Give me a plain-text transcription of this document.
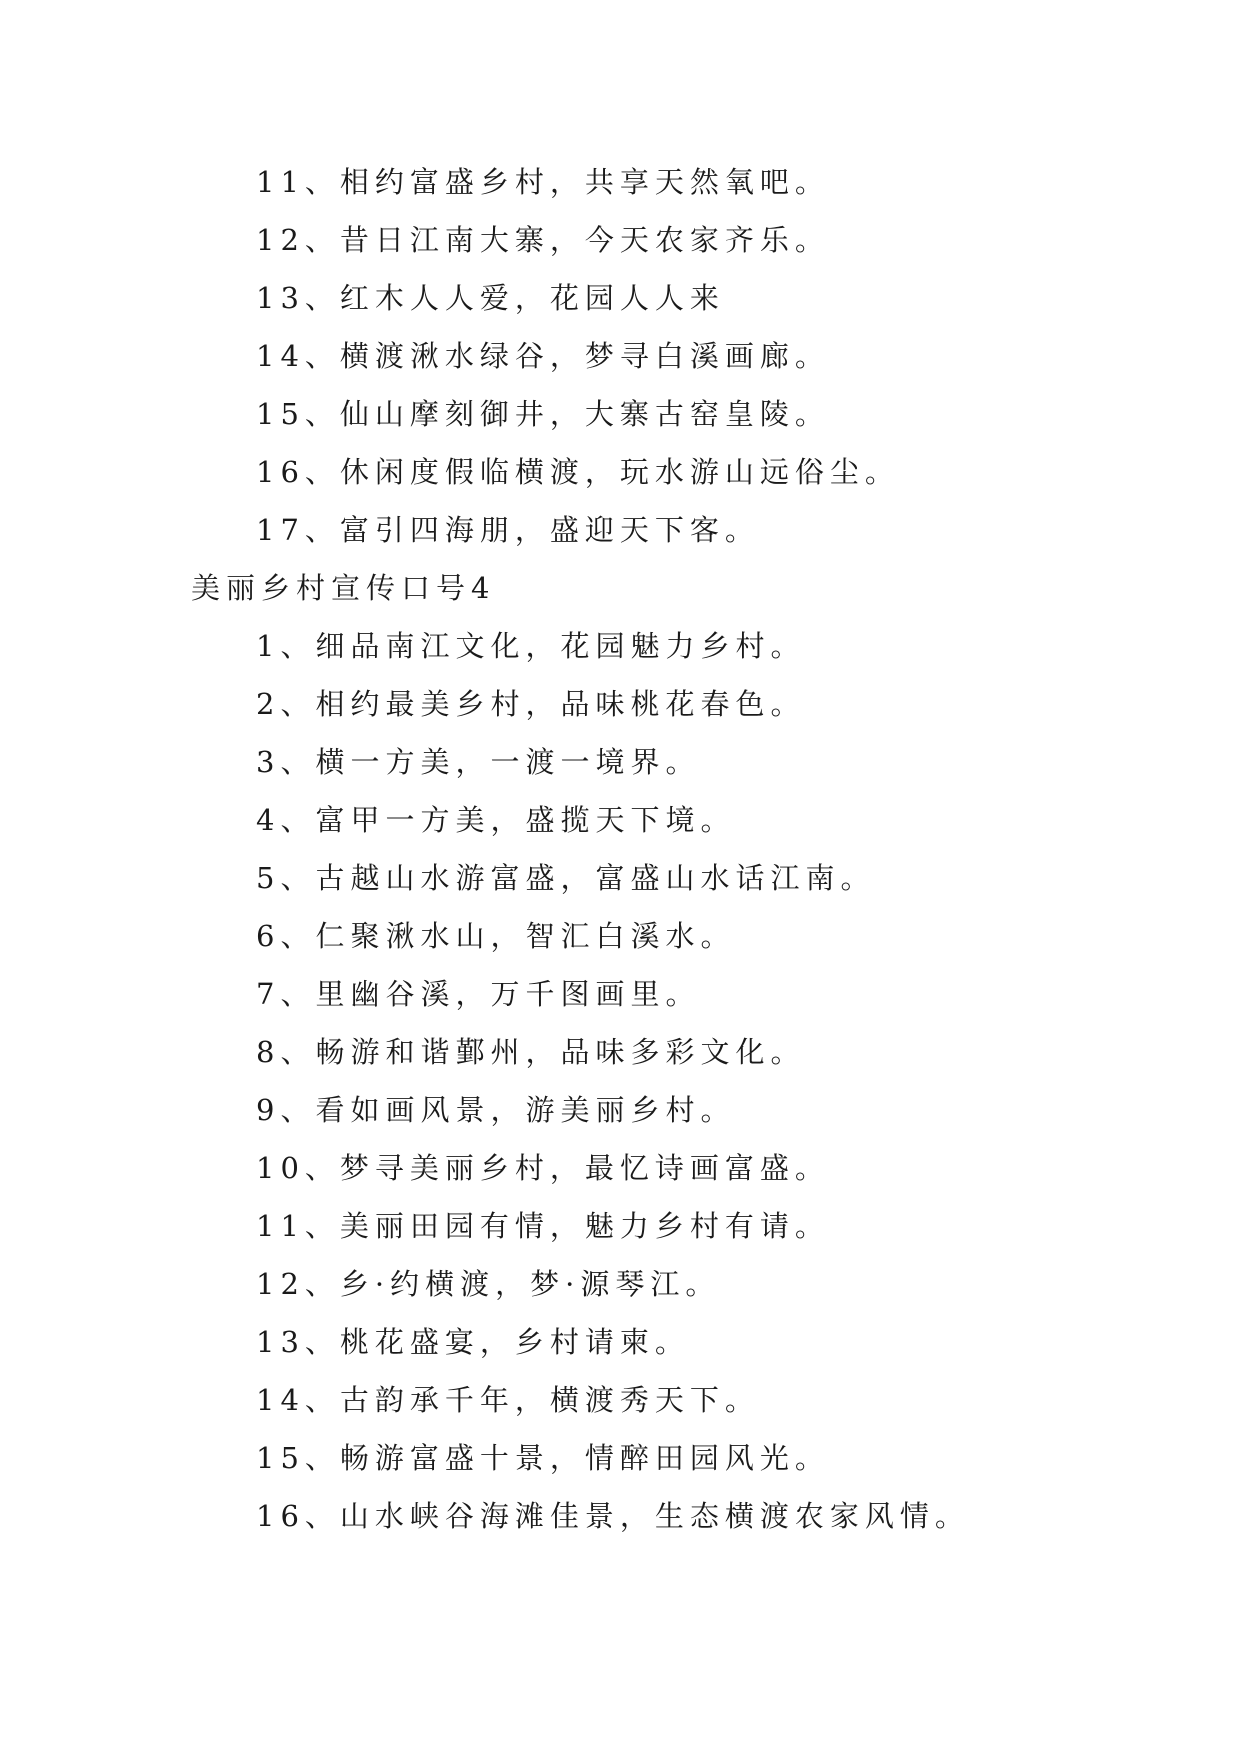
11、相约富盛乡村，共享天然氧吧。
12、昔日江南大寨，今天农家齐乐。
13、红木人人爱，花园人人来
14、横渡湫水绿谷，梦寻白溪画廊。
15、仙山摩刻御井，大寨古窑皇陵。
16、休闲度假临横渡，玩水游山远俗尘。
17、富引四海朋，盛迎天下客。
美丽乡村宣传口号4
1、细品南江文化，花园魅力乡村。
2、相约最美乡村，品味桃花春色。
3、横一方美，一渡一境界。
4、富甲一方美，盛揽天下境。
5、古越山水游富盛，富盛山水话江南。
6、仁聚湫水山，智汇白溪水。
7、里幽谷溪，万千图画里。
8、畅游和谐鄞州，品味多彩文化。
9、看如画风景，游美丽乡村。
10、梦寻美丽乡村，最忆诗画富盛。
11、美丽田园有情，魅力乡村有请。
12、乡·约横渡，梦·源琴江。
13、桃花盛宴，乡村请柬。
14、古韵承千年，横渡秀天下。
15、畅游富盛十景，情醉田园风光。
16、山水峡谷海滩佳景，生态横渡农家风情。
